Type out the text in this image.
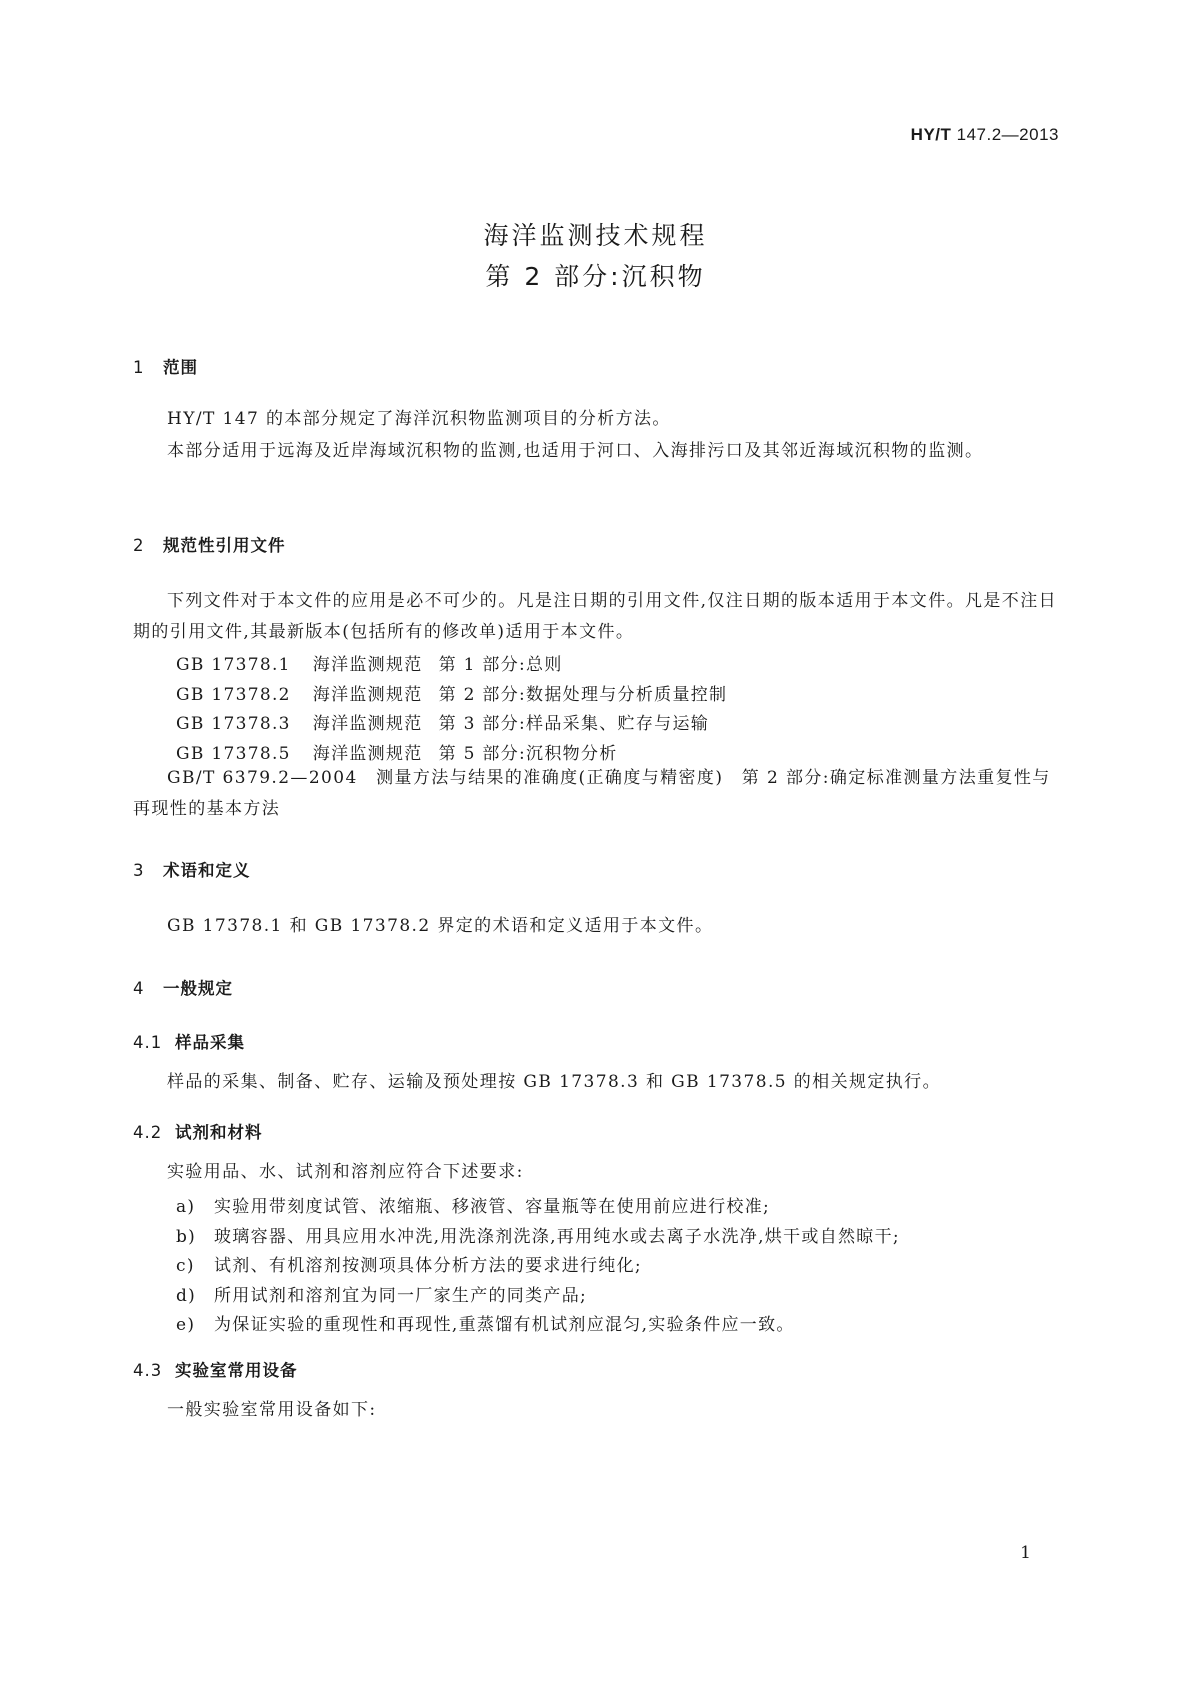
HY/T 147.2—2013
海洋监测技术规程
第 2 部分:沉积物
1 范围
HY/T 147 的本部分规定了海洋沉积物监测项目的分析方法。
本部分适用于远海及近岸海域沉积物的监测,也适用于河口、入海排污口及其邻近海域沉积物的监测。
2 规范性引用文件
下列文件对于本文件的应用是必不可少的。凡是注日期的引用文件,仅注日期的版本适用于本文件。凡是不注日期的引用文件,其最新版本(包括所有的修改单)适用于本文件。
GB 17378.1 海洋监测规范 第 1 部分:总则
GB 17378.2 海洋监测规范 第 2 部分:数据处理与分析质量控制
GB 17378.3 海洋监测规范 第 3 部分:样品采集、贮存与运输
GB 17378.5 海洋监测规范 第 5 部分:沉积物分析
GB/T 6379.2—2004　测量方法与结果的准确度(正确度与精密度)　第 2 部分:确定标准测量方法重复性与再现性的基本方法
3 术语和定义
GB 17378.1 和 GB 17378.2 界定的术语和定义适用于本文件。
4 一般规定
4.1 样品采集
样品的采集、制备、贮存、运输及预处理按 GB 17378.3 和 GB 17378.5 的相关规定执行。
4.2 试剂和材料
实验用品、水、试剂和溶剂应符合下述要求:
a) 实验用带刻度试管、浓缩瓶、移液管、容量瓶等在使用前应进行校准;
b) 玻璃容器、用具应用水冲洗,用洗涤剂洗涤,再用纯水或去离子水洗净,烘干或自然晾干;
c) 试剂、有机溶剂按测项具体分析方法的要求进行纯化;
d) 所用试剂和溶剂宜为同一厂家生产的同类产品;
e) 为保证实验的重现性和再现性,重蒸馏有机试剂应混匀,实验条件应一致。
4.3 实验室常用设备
一般实验室常用设备如下:
1
